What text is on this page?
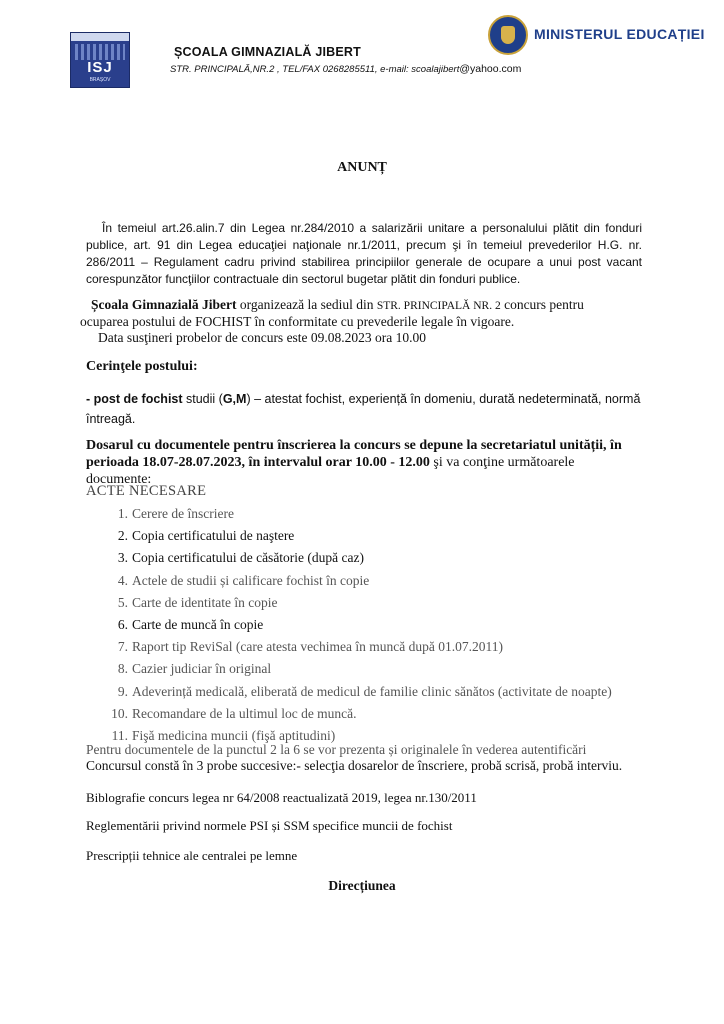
ISJ
BRAȘOV
ȘCOALA GIMNAZIALĂ JIBERT
STR. PRINCIPALĂ,NR.2 , TEL/FAX 0268285511, e-mail: scoalajibert@yahoo.com
MINISTERUL EDUCAȚIEI
ANUNȚ

În temeiul art.26.alin.7 din Legea nr.284/2010 a salarizării unitare a personalului plătit din fonduri publice, art. 91 din Legea educaţiei naţionale nr.1/2011, precum şi în temeiul prevederilor H.G. nr. 286/2011 – Regulament cadru privind stabilirea principiilor generale de ocupare a unui post vacant corespunzător funcţiilor contractuale din sectorul bugetar plătit din fonduri publice.

Școala Gimnazială Jibert organizează la sediul din STR. PRINCIPALĂ NR. 2 concurs pentru
ocuparea postului de FOCHIST în conformitate cu prevederile legale în vigoare.
Data susţineri probelor de concurs este 09.08.2023 ora 10.00
Cerinţele postului:

- post de fochist studii (G,M) – atestat fochist, experiență în domeniu, durată nedeterminată, normă întreagă.

Dosarul cu documentele pentru înscrierea la concurs se depune la secretariatul unității, în perioada 18.07-28.07.2023, în intervalul orar 10.00 - 12.00 şi va conţine următoarele documente:

ACTE NECESARE
1. Cerere de înscriere
2. Copia certificatului de naştere
3. Copia certificatului de căsătorie (după caz)
4. Actele de studii și calificare fochist în copie
5. Carte de identitate în copie
6. Carte de muncă în copie
7. Raport tip ReviSal (care atesta vechimea în muncă după 01.07.2011)
8. Cazier judiciar în original
9. Adeverință medicală, eliberată de medicul de familie clinic sănătos (activitate de noapte)
10. Recomandare de la ultimul loc de muncă.
11. Fişă medicina muncii (fişă aptitudini)
Pentru documentele de la punctul 2 la 6 se vor prezenta și originalele în vederea autentificări
Concursul constă în 3 probe succesive:- selecţia dosarelor de înscriere, probă scrisă, probă interviu.
Biblografie concurs legea nr 64/2008 reactualizată 2019, legea nr.130/2011
Reglementării privind normele PSI și SSM specifice muncii de fochist
Prescripții tehnice ale centralei pe lemne
Direcțiunea
